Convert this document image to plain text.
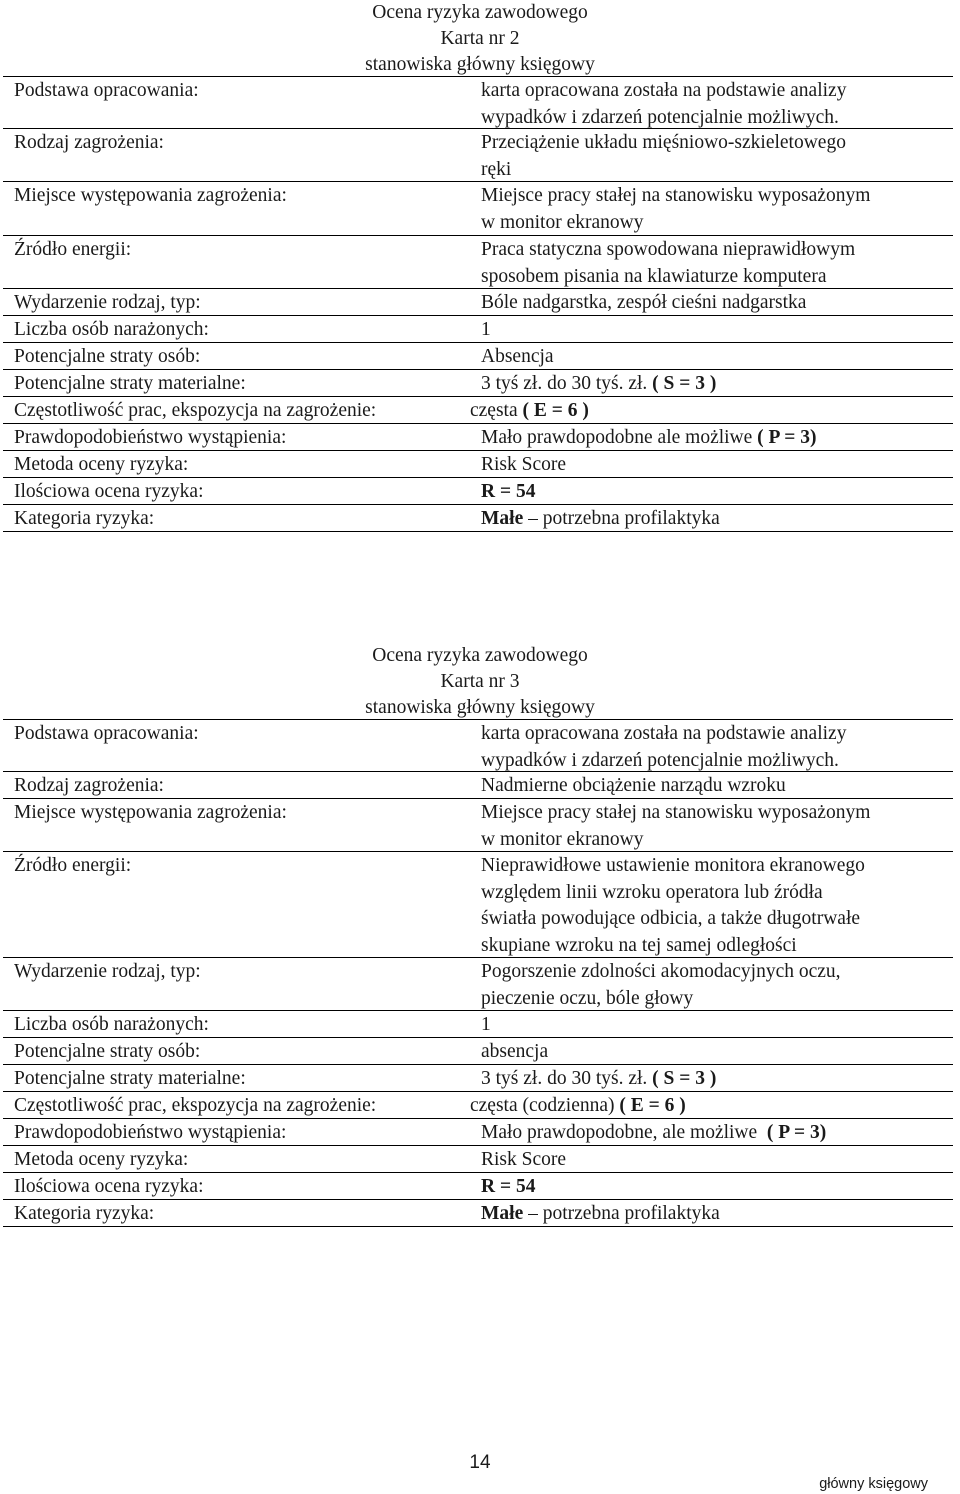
Ocena ryzyka zawodowego
Karta nr 2
stanowiska główny księgowy
Podstawa opracowania:	karta opracowana została na podstawie analizy
wypadków i zdarzeń potencjalnie możliwych.
Rodzaj zagrożenia:	Przeciążenie układu mięśniowo-szkieletowego
ręki
Miejsce występowania zagrożenia:	Miejsce pracy stałej na stanowisku wyposażonym
w monitor ekranowy
Źródło energii:	Praca statyczna spowodowana nieprawidłowym
sposobem pisania na klawiaturze komputera
Wydarzenie rodzaj, typ:	Bóle nadgarstka, zespół cieśni nadgarstka
Liczba osób narażonych:	1
Potencjalne straty osób:	Absencja
Potencjalne straty materialne:	3 tyś zł. do 30 tyś. zł. ( S = 3 )
Częstotliwość prac, ekspozycja na zagrożenie:	częsta ( E = 6 )
Prawdopodobieństwo wystąpienia:	Mało prawdopodobne ale możliwe ( P = 3)
Metoda oceny ryzyka:	Risk Score
Ilościowa ocena ryzyka:	R = 54
Kategoria ryzyka:	Małe – potrzebna profilaktyka
Ocena ryzyka zawodowego
Karta nr 3
stanowiska główny księgowy
Podstawa opracowania:	karta opracowana została na podstawie analizy
wypadków i zdarzeń potencjalnie możliwych.
Rodzaj zagrożenia:	Nadmierne obciążenie narządu wzroku
Miejsce występowania zagrożenia:	Miejsce pracy stałej na stanowisku wyposażonym
w monitor ekranowy
Źródło energii:	Nieprawidłowe ustawienie monitora ekranowego
względem linii wzroku operatora lub źródła
światła powodujące odbicia, a także długotrwałe
skupiane wzroku na tej samej odległości
Wydarzenie rodzaj, typ:	Pogorszenie zdolności akomodacyjnych oczu,
pieczenie oczu, bóle głowy
Liczba osób narażonych:	1
Potencjalne straty osób:	absencja
Potencjalne straty materialne:	3 tyś zł. do 30 tyś. zł. ( S = 3 )
Częstotliwość prac, ekspozycja na zagrożenie:	częsta (codzienna) ( E = 6 )
Prawdopodobieństwo wystąpienia:	Mało prawdopodobne, ale możliwe  ( P = 3)
Metoda oceny ryzyka:	Risk Score
Ilościowa ocena ryzyka:	R = 54
Kategoria ryzyka:	Małe – potrzebna profilaktyka
14
główny księgowy
